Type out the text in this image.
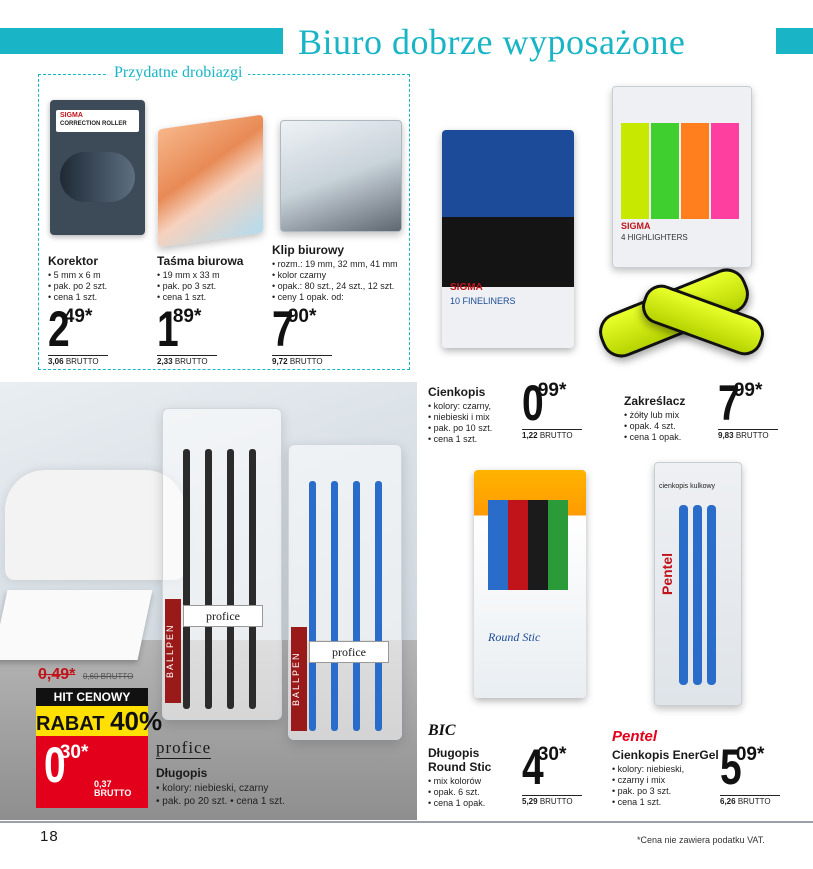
Biuro dobrze wyposażone
Przydatne drobiazgi
SIGMA
CORRECTION ROLLER
Korektor
• 5 mm x 6 m
• pak. po 2 szt.
• cena 1 szt.
2
49*
3,06 BRUTTO
Taśma biurowa
• 19 mm x 33 m
• pak. po 3 szt.
• cena 1 szt.
1
89*
2,33 BRUTTO
Klip biurowy
• rozm.: 19 mm, 32 mm, 41 mm
• kolor czarny
• opak.: 80 szt., 24 szt., 12 szt.
• ceny 1 opak. od:
7
90*
9,72 BRUTTO
SIGMA
10 FINELINERS
Cienkopis
• kolory: czarny,
• niebieski i mix
• pak. po 10 szt.
• cena 1 szt.
0
99*
1,22 BRUTTO
SIGMA
4 HIGHLIGHTERS
Zakreślacz
• żółty lub mix
• opak. 4 szt.
• cena 1 opak.
7
99*
9,83 BRUTTO
BALLPEN
profice
BALLPEN	profice
0,49* 0,60 BRUTTO
HIT CENOWY
RABAT 40%
0
30*
0,37
BRUTTO
profice
Długopis
• kolory: niebieski, czarny
• pak. po 20 szt. • cena 1 szt.
Round Stic
BIC
Długopis
Round Stic
• mix kolorów
• opak. 6 szt.
• cena 1 opak.
4
30*
5,29 BRUTTO
cienkopis kulkowy
Pentel
Pentel
Cienkopis EnerGel
• kolory: niebieski,
• czarny i mix
• pak. po 3 szt.
• cena 1 szt.
5
09*
6,26 BRUTTO
18	*Cena nie zawiera podatku VAT.
